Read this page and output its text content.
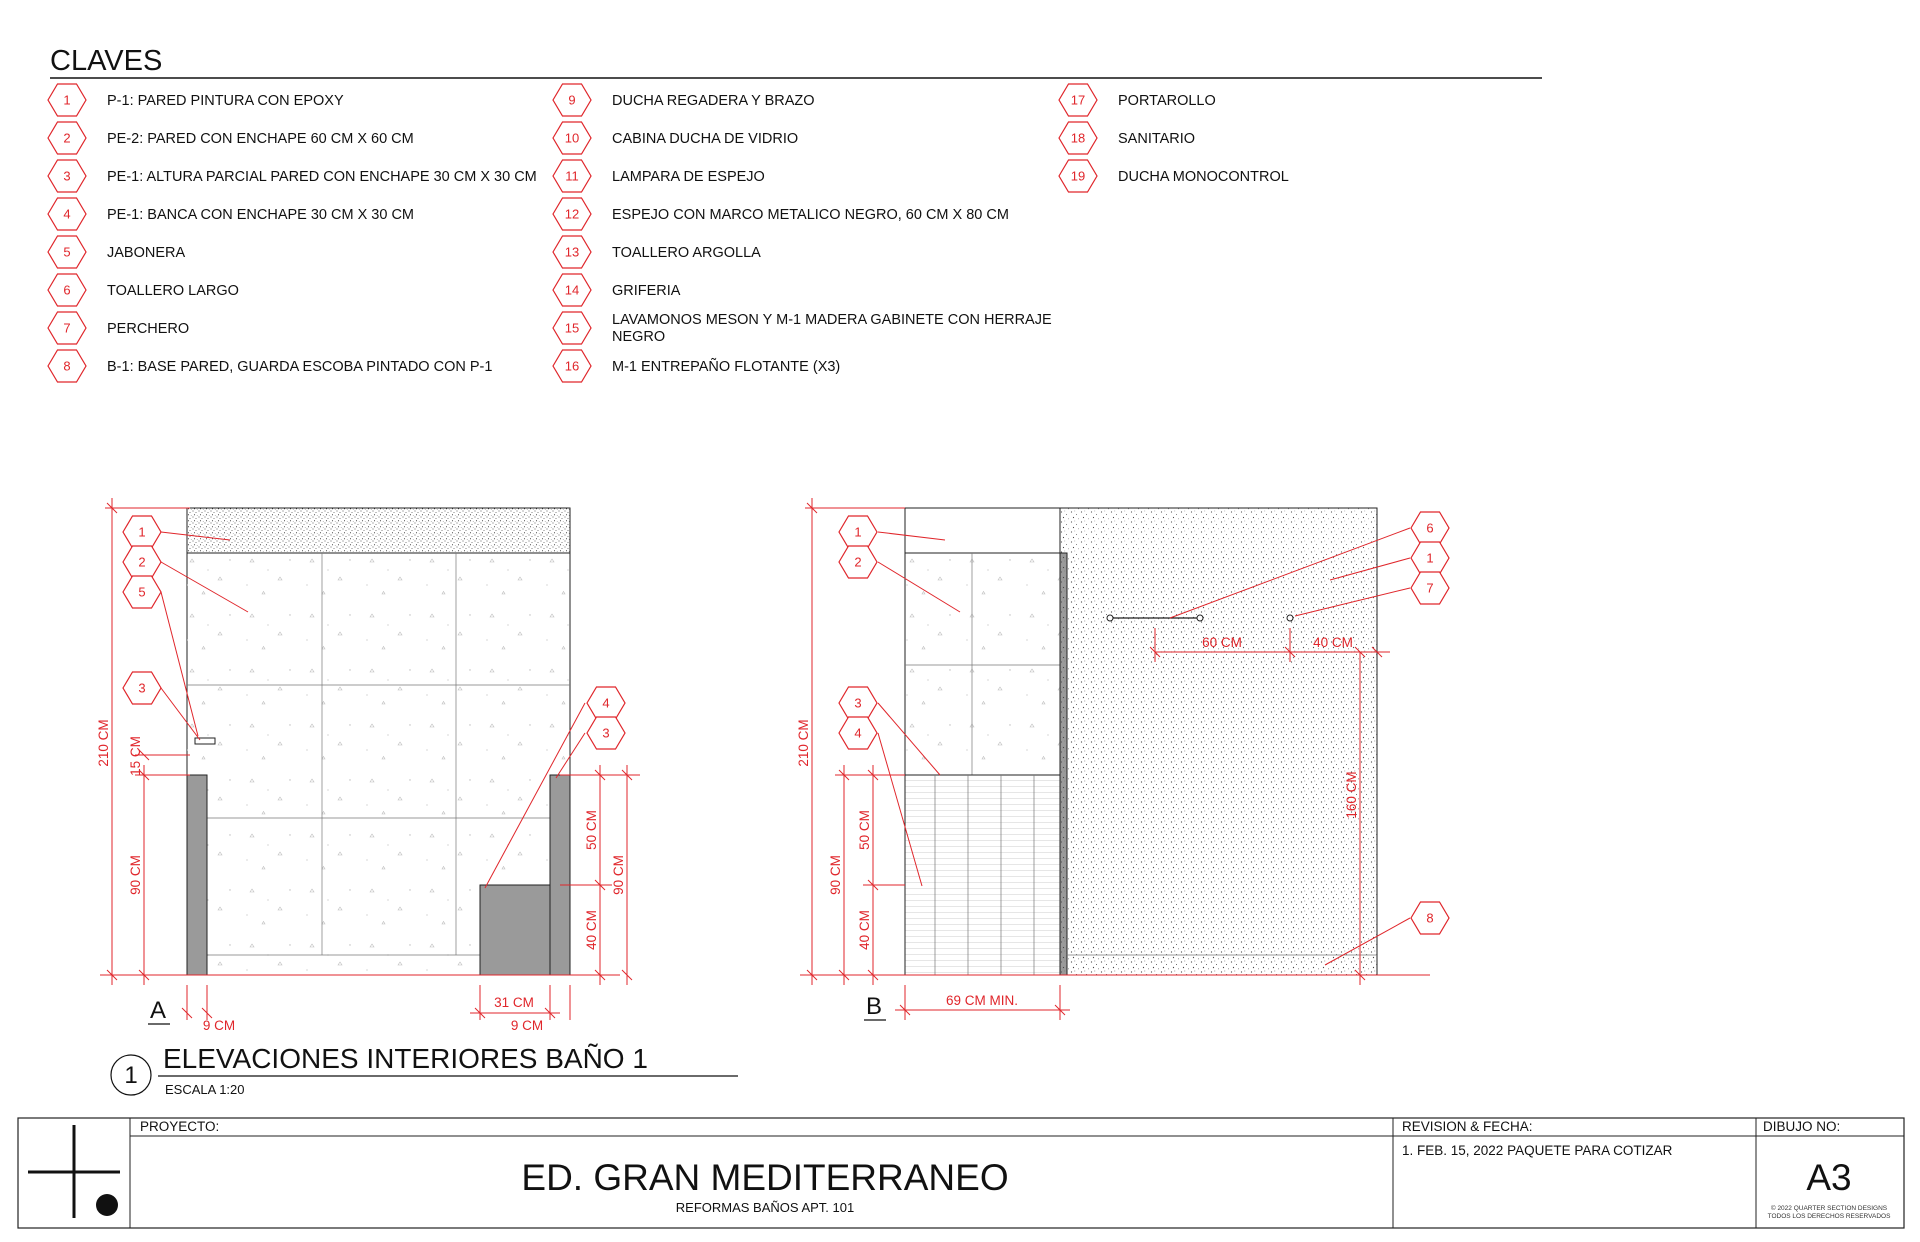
CLAVES
1	P-1: PARED PINTURA CON EPOXY
2	PE-2: PARED CON ENCHAPE 60 CM X 60 CM
3	PE-1: ALTURA PARCIAL PARED CON ENCHAPE 30 CM X 30 CM
4	PE-1: BANCA CON ENCHAPE 30 CM X 30 CM
5	JABONERA
6	TOALLERO LARGO
7	PERCHERO
8	B-1: BASE PARED, GUARDA ESCOBA PINTADO CON P-1
9	DUCHA REGADERA Y BRAZO
10 CABINA DUCHA DE VIDRIO
11 LAMPARA DE ESPEJO
12 ESPEJO CON MARCO METALICO NEGRO, 60 CM X 80 CM
13 TOALLERO ARGOLLA
14 GRIFERIA
15 LAVAMONOS MESON Y M-1 MADERA GABINETE CON HERRAJE
NEGRO
16 M-1 ENTREPAÑO FLOTANTE (X3)
17 PORTAROLLO
18 SANITARIO
19 DUCHA MONOCONTROL
210 CM 15 CM
90 CM
50 CM
40 CM
90 CM
31 CM
9 CM	9 CM
1
2
5
3
4
3
A
210 CM
90 CM
50 CM
40 CM
60 CM	40 CM
160 CM
69 CM MIN.
1
2
3
4
6
1
7
8
B
1
ELEVACIONES INTERIORES BAÑO 1
ESCALA 1:20
PROYECTO:
ED. GRAN MEDITERRANEO
REFORMAS BAÑOS APT. 101
REVISION & FECHA:
1. FEB. 15, 2022 PAQUETE PARA COTIZAR
DIBUJO NO:
A3
© 2022 QUARTER SECTION DESIGNS
TODOS LOS DERECHOS RESERVADOS
